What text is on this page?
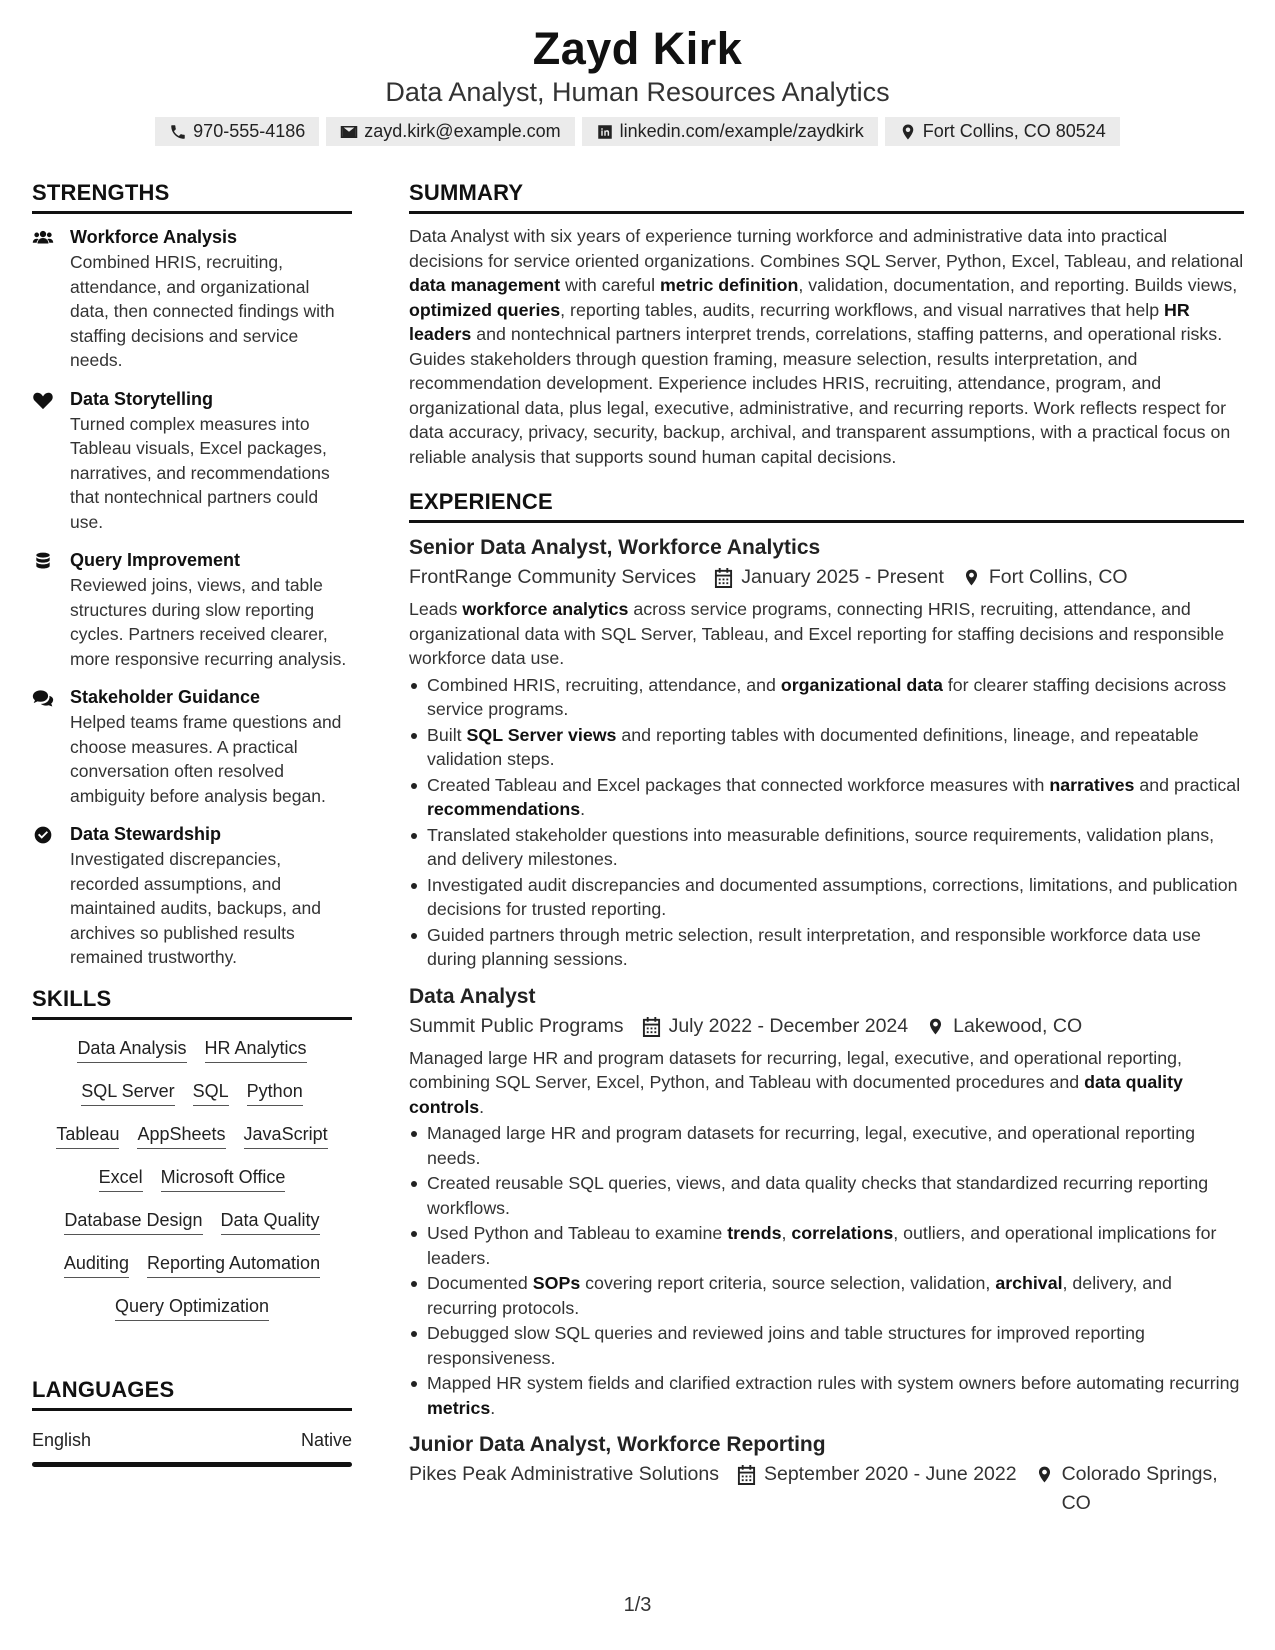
Zayd Kirk
Data Analyst, Human Resources Analytics
970-555-4186	zayd.kirk@example.com	linkedin.com/example/zaydkirk	Fort Collins, CO 80524
STRENGTHS
Workforce Analysis
Combined HRIS, recruiting, attendance, and organizational data, then connected findings with staffing decisions and service needs.
Data Storytelling
Turned complex measures into Tableau visuals, Excel packages, narratives, and recommendations that nontechnical partners could use.
Query Improvement
Reviewed joins, views, and table structures during slow reporting cycles. Partners received clearer, more responsive recurring analysis.
Stakeholder Guidance
Helped teams frame questions and choose measures. A practical conversation often resolved ambiguity before analysis began.
Data Stewardship
Investigated discrepancies, recorded assumptions, and maintained audits, backups, and archives so published results remained trustworthy.
SKILLS
Data Analysis HR Analytics
SQL Server SQL Python
Tableau AppSheets JavaScript
Excel Microsoft Office
Database Design Data Quality
Auditing Reporting Automation
Query Optimization
LANGUAGES
English	Native
SUMMARY
Data Analyst with six years of experience turning workforce and administrative data into practical decisions for service oriented organizations. Combines SQL Server, Python, Excel, Tableau, and relational data management with careful metric definition, validation, documentation, and reporting. Builds views, optimized queries, reporting tables, audits, recurring workflows, and visual narratives that help HR leaders and nontechnical partners interpret trends, correlations, staffing patterns, and operational risks. Guides stakeholders through question framing, measure selection, results interpretation, and recommendation development. Experience includes HRIS, recruiting, attendance, program, and organizational data, plus legal, executive, administrative, and recurring reports. Work reflects respect for data accuracy, privacy, security, backup, archival, and transparent assumptions, with a practical focus on reliable analysis that supports sound human capital decisions.
EXPERIENCE
Senior Data Analyst, Workforce Analytics
FrontRange Community Services January 2025 - Present Fort Collins, CO
Leads workforce analytics across service programs, connecting HRIS, recruiting, attendance, and organizational data with SQL Server, Tableau, and Excel reporting for staffing decisions and responsible workforce data use.
Combined HRIS, recruiting, attendance, and organizational data for clearer staffing decisions across service programs.
Built SQL Server views and reporting tables with documented definitions, lineage, and repeatable validation steps.
Created Tableau and Excel packages that connected workforce measures with narratives and practical recommendations.
Translated stakeholder questions into measurable definitions, source requirements, validation plans, and delivery milestones.
Investigated audit discrepancies and documented assumptions, corrections, limitations, and publication decisions for trusted reporting.
Guided partners through metric selection, result interpretation, and responsible workforce data use during planning sessions.
Data Analyst
Summit Public Programs July 2022 - December 2024 Lakewood, CO
Managed large HR and program datasets for recurring, legal, executive, and operational reporting, combining SQL Server, Excel, Python, and Tableau with documented procedures and data quality controls.
Managed large HR and program datasets for recurring, legal, executive, and operational reporting needs.
Created reusable SQL queries, views, and data quality checks that standardized recurring reporting workflows.
Used Python and Tableau to examine trends, correlations, outliers, and operational implications for leaders.
Documented SOPs covering report criteria, source selection, validation, archival, delivery, and recurring protocols.
Debugged slow SQL queries and reviewed joins and table structures for improved reporting responsiveness.
Mapped HR system fields and clarified extraction rules with system owners before automating recurring metrics.
Junior Data Analyst, Workforce Reporting
Pikes Peak Administrative Solutions September 2020 - June 2022 Colorado Springs, CO
1/3
